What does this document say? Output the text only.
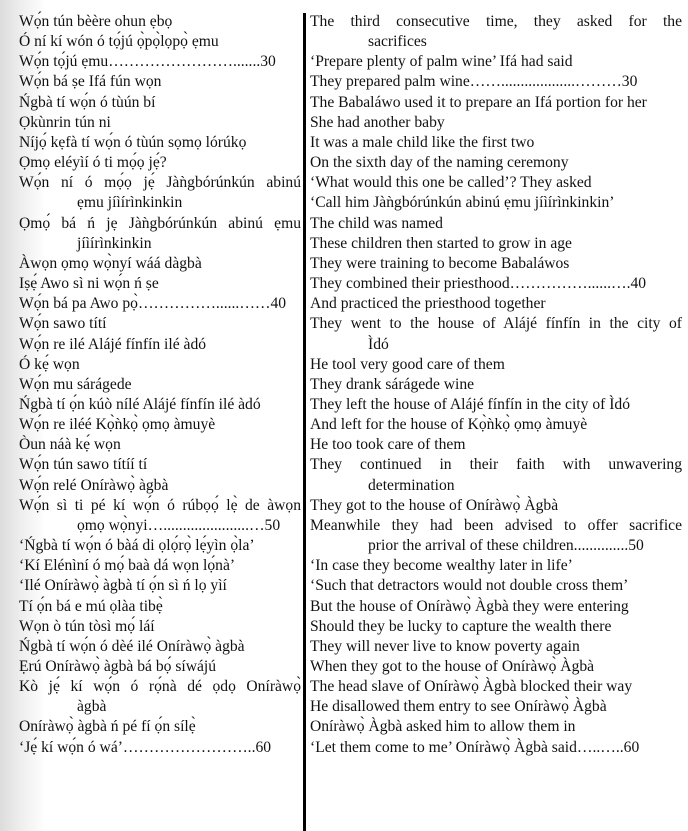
Wọ́n tún bèère ohun ẹbọ
Ó ní kí wón ó tọ́jú ọ̀pọ̀lọpọ̀ ẹmu
Wọ́n tọ́jú ẹmu…………………….......30
Wọ́n bá ṣe Ifá fún wọn
Ńgbà tí wọ́n ó tùún bí
Ọkùnrin tún ni
Níjọ́ kẹfà tí wọ́n ó tùún sọmọ lórúkọ
Ọmọ eléyìí ó ti mọ́ọ jẹ́?
Wọ́n ní ó mọ́ọ jẹ́ Jàǹgbórúnkún abinú
ẹmu jíìírìnkinkin
Ọmọ́ bá ń jẹ Jàǹgbórúnkún abinú ẹmu
jíìírìnkinkin
Àwọn ọmọ wọ̀nyí wáá dàgbà
Iṣẹ́ Awo sì ni wọ́n ń ṣe
Wọ́n bá pa Awo pọ̀……………......……40
Wọ́n sawo títí
Wọ́n re ilé Alájé fínfín ilé àdó
Ó kẹ́ wọn
Wọ́n mu sárágede
Ńgbà tí ọ́n kúò nílé Alájé fínfín ilé àdó
Wọ́n re iléé Kọ̀ǹkọ̀ ọmọ àmuyè
Òun náà kẹ́ wọn
Wọ́n tún sawo títíí tí
Wọ́n relé Oníràwọ̀ àgbà
Wọ́n sì ti pé kí wọ́n ó rúbọọ́ lẹ̀ de àwọn
ọmọ wọ̀nyi…......................…50
‘Ńgbà tí wọ́n ó bàá di ọlọ́rọ̀ lẹ́yìn ọ̀la’
‘Kí Elénìní ó mọ́ baà dá wọn lọ́nà’
‘Ilé Oníràwọ̀ àgbà tí ọ́n sì ń lọ yìí
Tí ọ́n bá e mú ọlàa tibẹ̀
Wọn ò tún tòsì mọ́ láí
Ńgbà tí wọ́n ó dèé ilé Oníràwọ̀ àgbà
Ẹrú Oníràwọ̀ àgbà bá bọ́ síwájú
Kò jẹ́ kí wọ́n ó rọ́nà dé ọdọ Oníràwọ̀
àgbà
Oníràwọ̀ àgbà ń pé fí ọ́n sílẹ̀
‘Jẹ́ kí wọ́n ó wá’……………………..60
The third consecutive time, they asked for the
sacrifices
‘Prepare plenty of palm wine’ Ifá had said
They prepared palm wine……...................………30
The Babaláwo used it to prepare an Ifá portion for her
She had another baby
It was a male child like the first two
On the sixth day of the naming ceremony
‘What would this one be called’? They asked
‘Call him Jàǹgbórúnkún abinú ẹmu jíìírìnkinkin’
The child was named
These children then started to grow in age
They were training to become Babaláwos
They combined their priesthood……………......….40
And practiced the priesthood together
They went to the house of Alájé fínfín in the city of
Ìdó
He tool very good care of them
They drank sárágede wine
They left the house of Alájé fínfín in the city of Ìdó
And left for the house of Kọ̀ǹkọ̀ ọmọ àmuyè
He too took care of them
They continued in their faith with unwavering
determination
They got to the house of Oníràwọ̀ Àgbà
Meanwhile they had been advised to offer sacrifice
prior the arrival of these children..............50
‘In case they become wealthy later in life’
‘Such that detractors would not double cross them’
But the house of Oníràwọ̀ Àgbà they were entering
Should they be lucky to capture the wealth there
They will never live to know poverty again
When they got to the house of Oníràwọ̀ Àgbà
The head slave of Oníràwọ̀ Àgbà blocked their way
He disallowed them entry to see Oníràwọ̀ Àgbà
Oníràwọ̀ Àgbà asked him to allow them in
‘Let them come to me’ Oníràwọ̀ Àgbà said…..…..60
